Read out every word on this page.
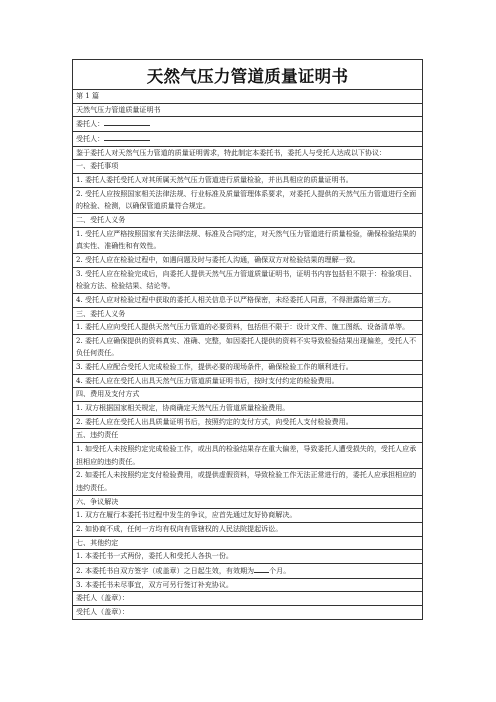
天然气压力管道质量证明书
第 1 篇
天然气压力管道质量证明书
委托人：
受托人：
鉴于委托人对天然气压力管道的质量证明需求，特此制定本委托书，委托人与受托人达成以下协议：
一、委托事项
1. 委托人委托受托人对其所属天然气压力管道进行质量检验，并出具相应的质量证明书。
2. 受托人应按照国家相关法律法规、行业标准及质量管理体系要求，对委托人提供的天然气压力管道进行全面的检验、检测，以确保管道质量符合规定。
二、受托人义务
1. 受托人应严格按照国家有关法律法规、标准及合同约定，对天然气压力管道进行质量检验，确保检验结果的真实性、准确性和有效性。
2. 受托人应在检验过程中，如遇问题及时与委托人沟通，确保双方对检验结果的理解一致。
3. 受托人应在检验完成后，向委托人提供天然气压力管道质量证明书，证明书内容包括但不限于：检验项目、检验方法、检验结果、结论等。
4. 受托人应对检验过程中获取的委托人相关信息予以严格保密，未经委托人同意，不得泄露给第三方。
三、委托人义务
1. 委托人应向受托人提供天然气压力管道的必要资料，包括但不限于：设计文件、施工图纸、设备清单等。
2. 委托人应确保提供的资料真实、准确、完整，如因委托人提供的资料不实导致检验结果出现偏差，受托人不负任何责任。
3. 委托人应配合受托人完成检验工作，提供必要的现场条件，确保检验工作的顺利进行。
4. 委托人应在受托人出具天然气压力管道质量证明书后，按时支付约定的检验费用。
四、费用及支付方式
1. 双方根据国家相关规定，协商确定天然气压力管道质量检验费用。
2. 委托人应在受托人出具质量证明书后，按照约定的支付方式，向受托人支付检验费用。
五、违约责任
1. 如受托人未按照约定完成检验工作，或出具的检验结果存在重大偏差，导致委托人遭受损失的，受托人应承担相应的违约责任。
2. 如委托人未按照约定支付检验费用，或提供虚假资料，导致检验工作无法正常进行的，委托人应承担相应的违约责任。
六、争议解决
1. 双方在履行本委托书过程中发生的争议，应首先通过友好协商解决。
2. 如协商不成，任何一方均有权向有管辖权的人民法院提起诉讼。
七、其他约定
1. 本委托书一式两份，委托人和受托人各执一份。
2. 本委托书自双方签字（或盖章）之日起生效，有效期为 个月。
3. 本委托书未尽事宜，双方可另行签订补充协议。
委托人（盖章）：
受托人（盖章）：
